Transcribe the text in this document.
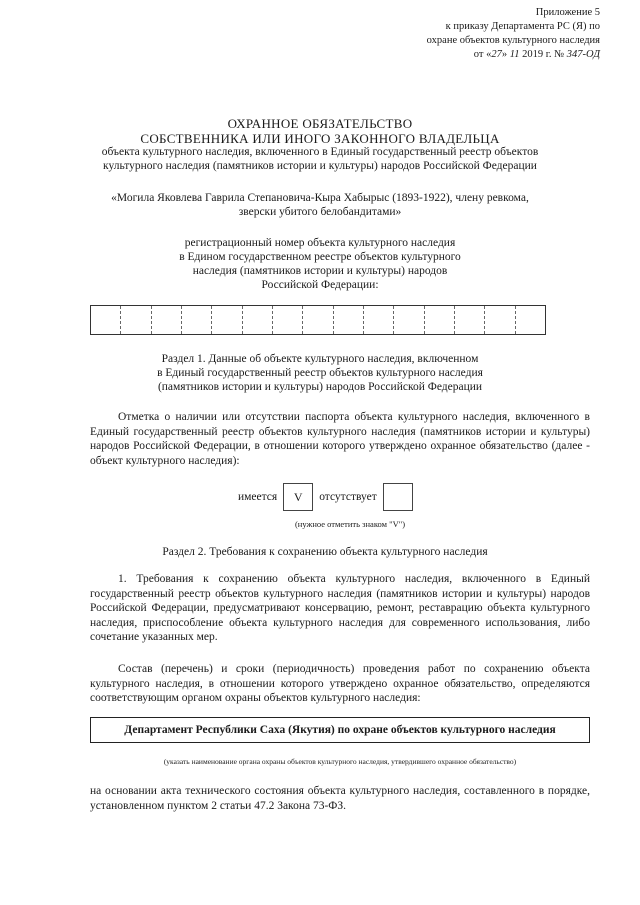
Приложение 5
к приказу Департамента РС (Я) по
охране объектов культурного наследия
от «27» 11 2019 г. № 347-ОД
ОХРАННОЕ ОБЯЗАТЕЛЬСТВО
СОБСТВЕННИКА ИЛИ ИНОГО ЗАКОННОГО ВЛАДЕЛЬЦА
объекта культурного наследия, включенного в Единый государственный реестр объектов
культурного наследия (памятников истории и культуры) народов Российской Федерации
«Могила Яковлева Гаврила Степановича-Кыра Хабырыс (1893-1922), члену ревкома,
зверски убитого белобандитами»
регистрационный номер объекта культурного наследия
в Едином государственном реестре объектов культурного
наследия (памятников истории и культуры) народов
Российской Федерации:
Раздел 1. Данные об объекте культурного наследия, включенном
в Единый государственный реестр объектов культурного наследия
(памятников истории и культуры) народов Российской Федерации
Отметка о наличии или отсутствии паспорта объекта культурного наследия, включенного в Единый государственный реестр объектов культурного наследия (памятников истории и культуры) народов Российской Федерации, в отношении которого утверждено охранное обязательство (далее - объект культурного наследия):
имеется	V	отсутствует
(нужное отметить знаком "V")
Раздел 2. Требования к сохранению объекта культурного наследия
1. Требования к сохранению объекта культурного наследия, включенного в Единый государственный реестр объектов культурного наследия (памятников истории и культуры) народов Российской Федерации, предусматривают консервацию, ремонт, реставрацию объекта культурного наследия, приспособление объекта культурного наследия для современного использования, либо сочетание указанных мер.
Состав (перечень) и сроки (периодичность) проведения работ по сохранению объекта культурного наследия, в отношении которого утверждено охранное обязательство, определяются соответствующим органом охраны объектов культурного наследия:
Департамент Республики Саха (Якутия) по охране объектов культурного наследия
(указать наименование органа охраны объектов культурного наследия, утвердившего охранное обязательство)
на основании акта технического состояния объекта культурного наследия, составленного в порядке, установленном пунктом 2 статьи 47.2 Закона 73-ФЗ.
